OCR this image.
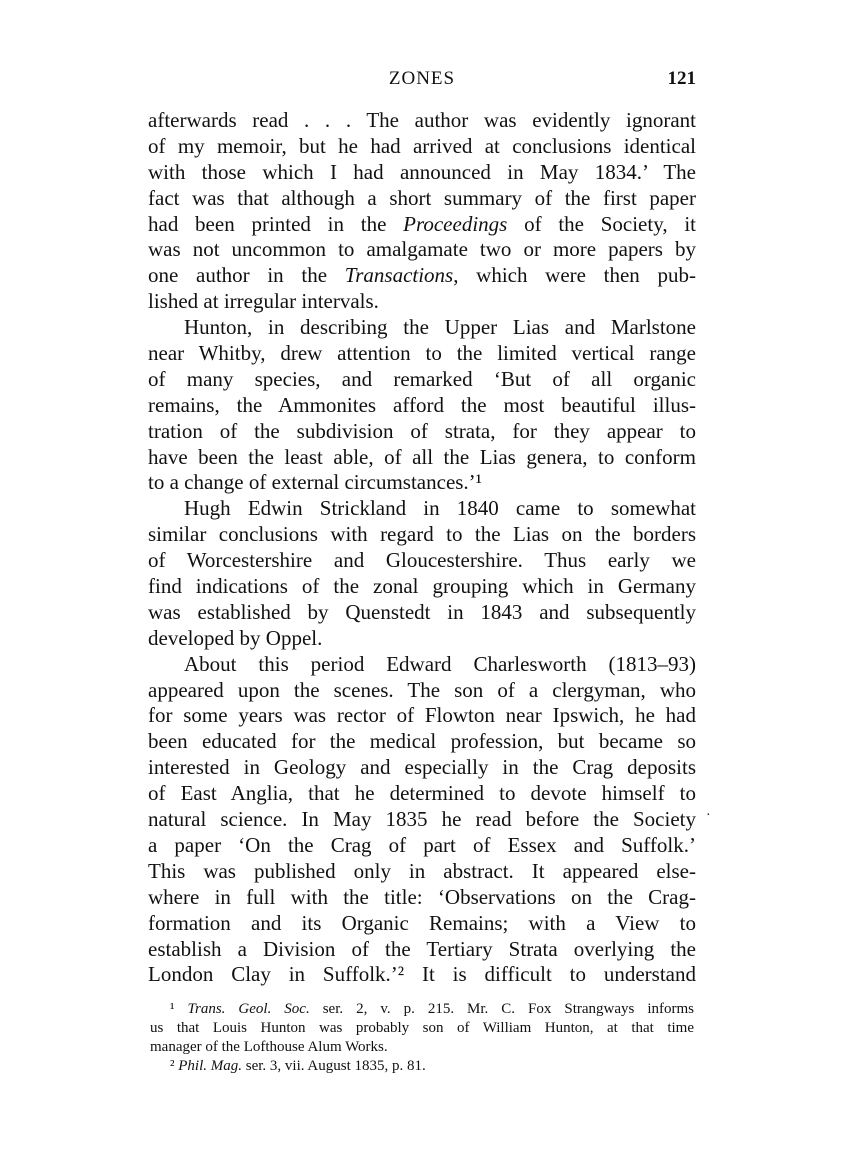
ZONES	121
afterwards read . . . The author was evidently ignorant
of my memoir, but he had arrived at conclusions identical
with those which I had announced in May 1834.’ The
fact was that although a short summary of the first paper
had been printed in the Proceedings of the Society, it
was not uncommon to amalgamate two or more papers by
one author in the Transactions, which were then pub-
lished at irregular intervals.
Hunton, in describing the Upper Lias and Marlstone
near Whitby, drew attention to the limited vertical range
of many species, and remarked ‘But of all organic
remains, the Ammonites afford the most beautiful illus-
tration of the subdivision of strata, for they appear to
have been the least able, of all the Lias genera, to conform
to a change of external circumstances.’¹
Hugh Edwin Strickland in 1840 came to somewhat
similar conclusions with regard to the Lias on the borders
of Worcestershire and Gloucestershire. Thus early we
find indications of the zonal grouping which in Germany
was established by Quenstedt in 1843 and subsequently
developed by Oppel.
About this period Edward Charlesworth (1813–93)
appeared upon the scenes. The son of a clergyman, who
for some years was rector of Flowton near Ipswich, he had
been educated for the medical profession, but became so
interested in Geology and especially in the Crag deposits
of East Anglia, that he determined to devote himself to
natural science. In May 1835 he read before the Society
a paper ‘On the Crag of part of Essex and Suffolk.’
This was published only in abstract. It appeared else-
where in full with the title: ‘Observations on the Crag-
formation and its Organic Remains; with a View to
establish a Division of the Tertiary Strata overlying the
London Clay in Suffolk.’² It is difficult to understand
·
¹ Trans. Geol. Soc. ser. 2, v. p. 215. Mr. C. Fox Strangways informs
us that Louis Hunton was probably son of William Hunton, at that time
manager of the Lofthouse Alum Works.
² Phil. Mag. ser. 3, vii. August 1835, p. 81.
